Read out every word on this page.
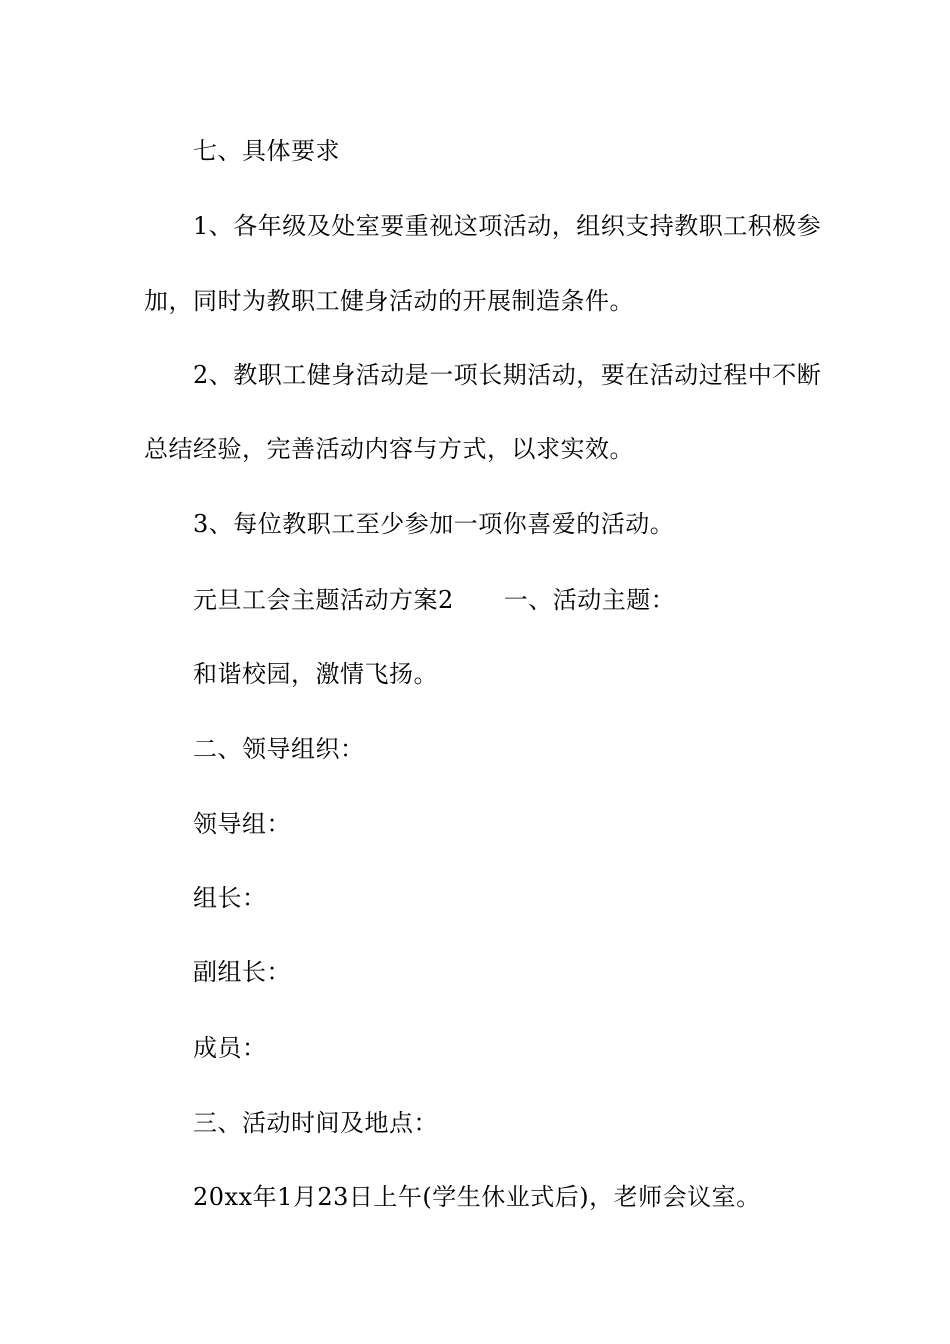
七、具体要求
1、各年级及处室要重视这项活动，组织支持教职工积极参
加，同时为教职工健身活动的开展制造条件。
2、教职工健身活动是一项长期活动，要在活动过程中不断
总结经验，完善活动内容与方式，以求实效。
3、每位教职工至少参加一项你喜爱的活动。
元旦工会主题活动方案2 一、活动主题：
和谐校园，激情飞扬。
二、领导组织：
领导组：
组长：
副组长：
成员：
三、活动时间及地点：
20xx年1月23日上午(学生休业式后)，老师会议室。
